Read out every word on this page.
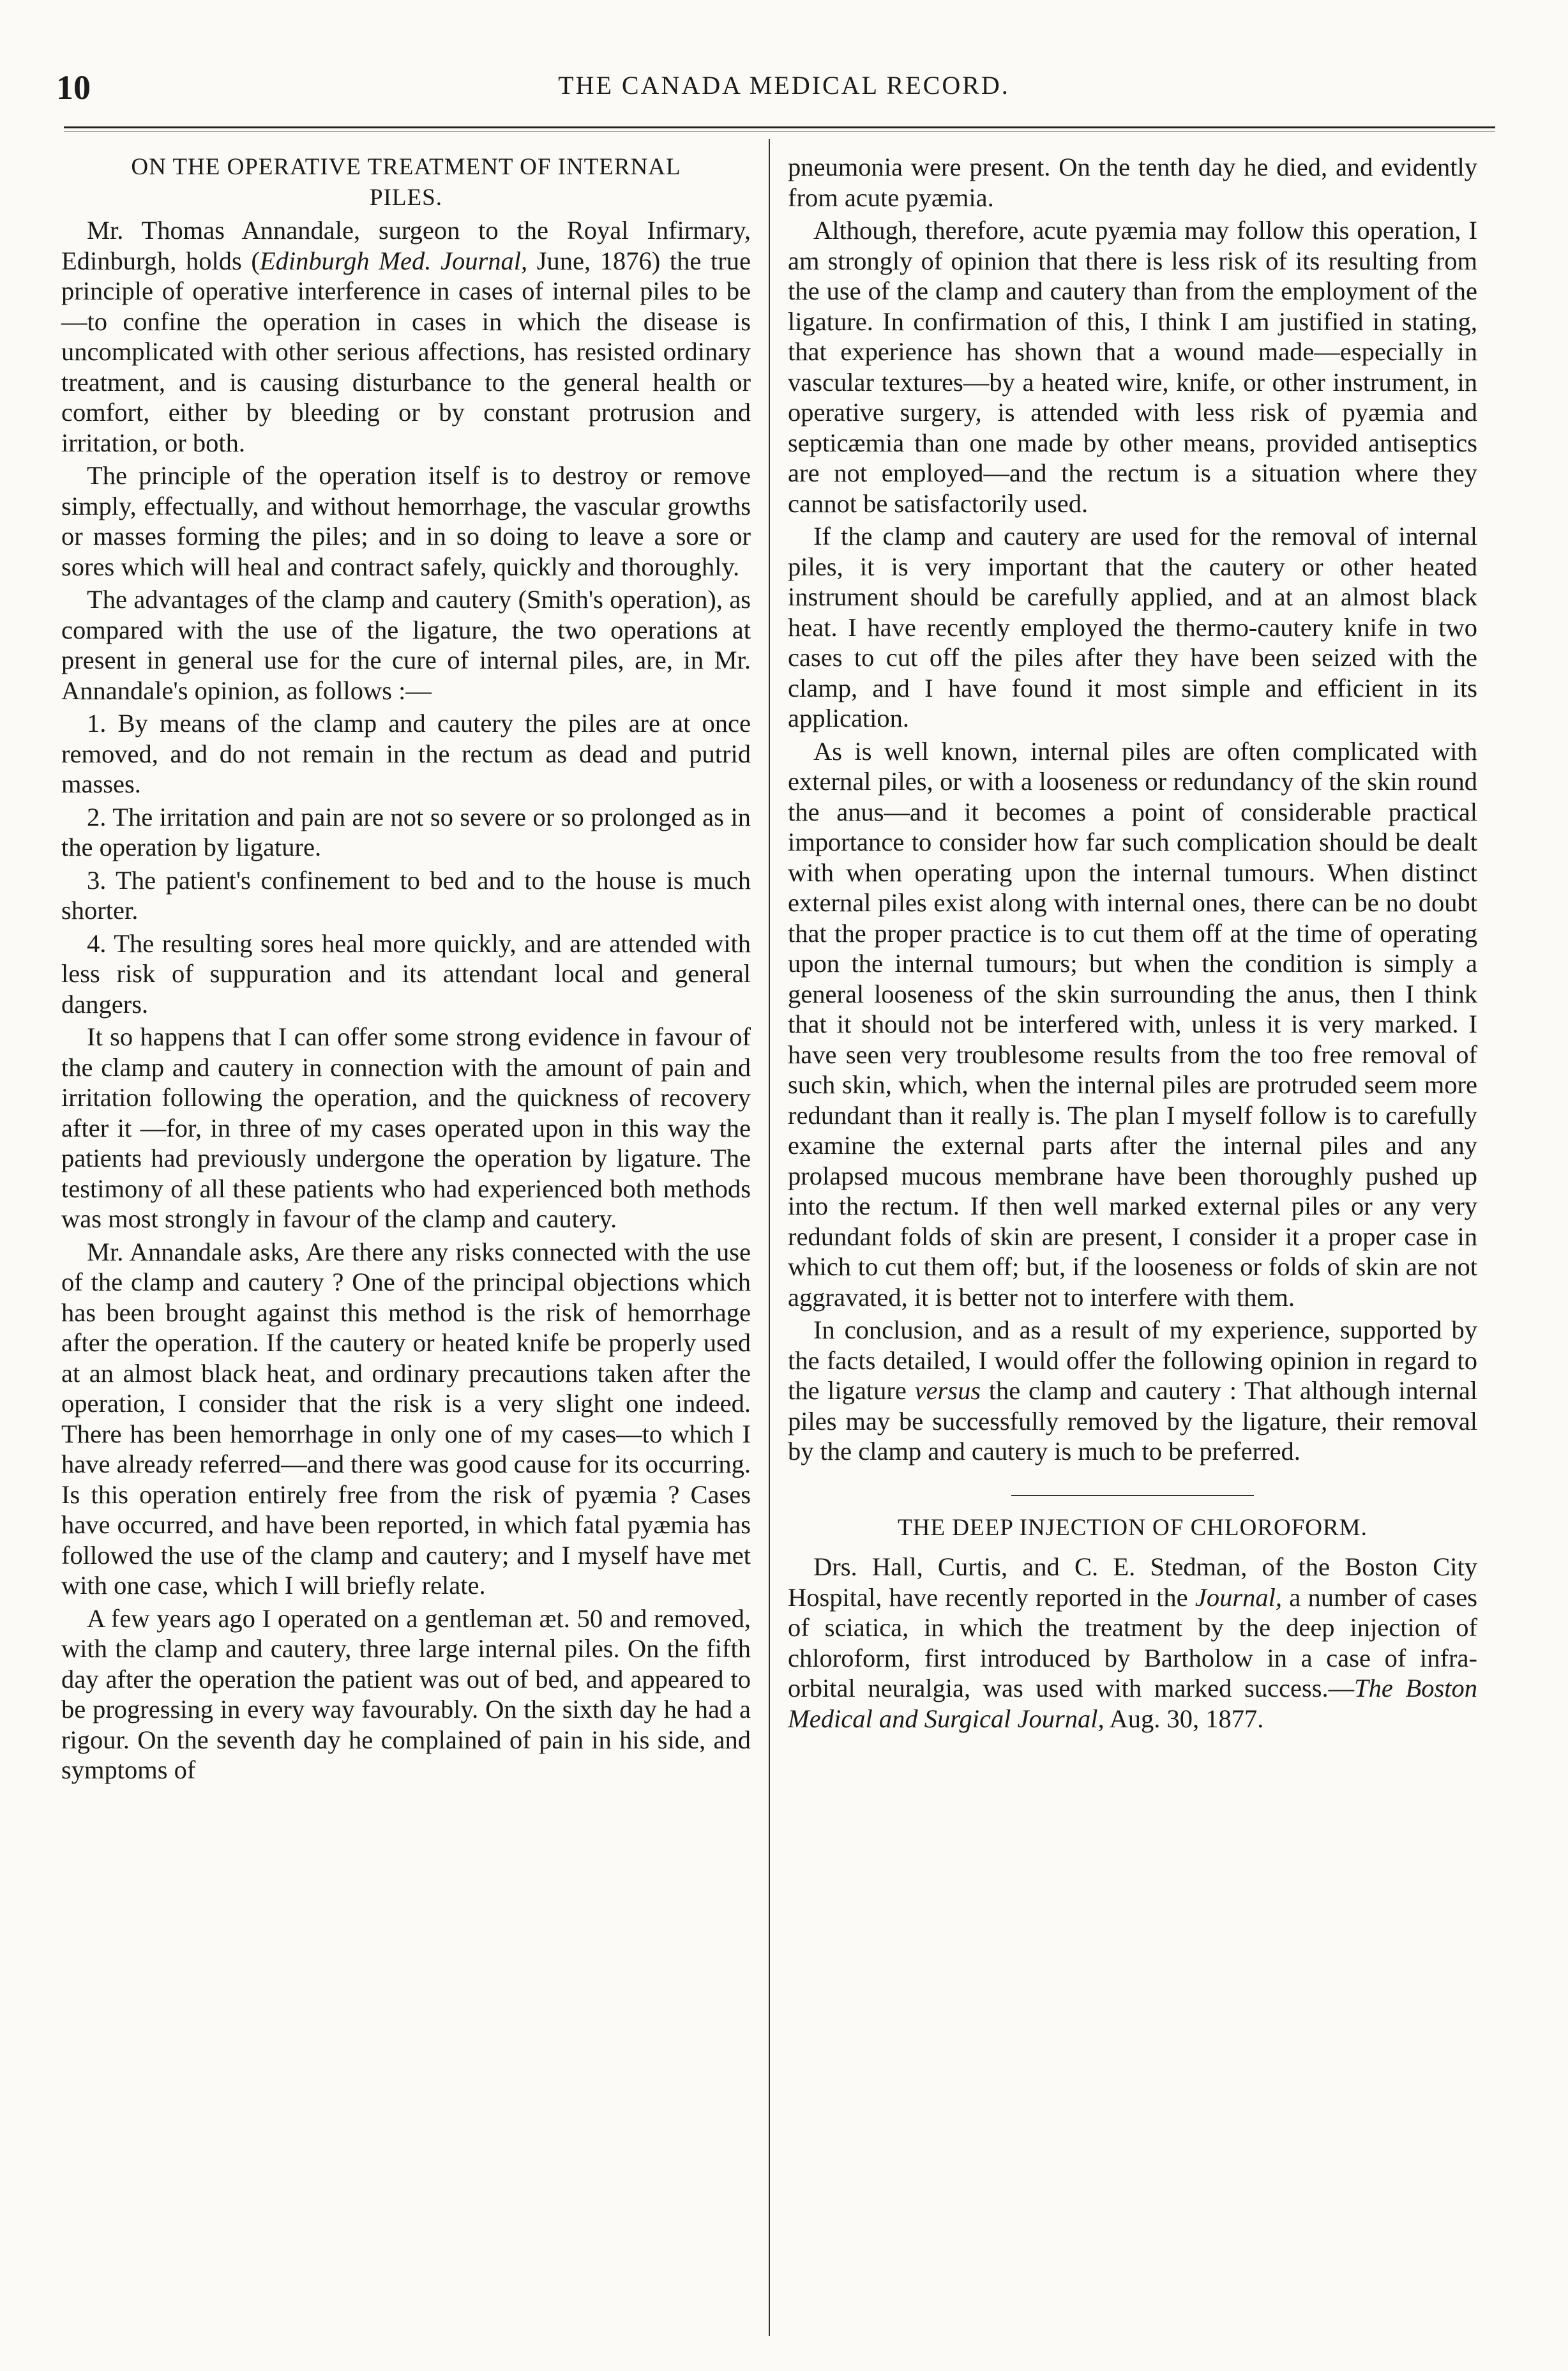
10	THE CANADA MEDICAL RECORD.

ON THE OPERATIVE TREATMENT OF INTERNAL
PILES.

Mr. Thomas Annandale, surgeon to the Royal Infirmary, Edinburgh, holds (Edinburgh Med. Journal, June, 1876) the true principle of operative interference in cases of internal piles to be—to confine the operation in cases in which the disease is uncomplicated with other serious affections, has resisted ordinary treatment, and is causing disturbance to the general health or comfort, either by bleeding or by constant protrusion and irritation, or both.

The principle of the operation itself is to destroy or remove simply, effectually, and without hemorrhage, the vascular growths or masses forming the piles; and in so doing to leave a sore or sores which will heal and contract safely, quickly and thoroughly.

The advantages of the clamp and cautery (Smith's operation), as compared with the use of the ligature, the two operations at present in general use for the cure of internal piles, are, in Mr. Annandale's opinion, as follows :—

1. By means of the clamp and cautery the piles are at once removed, and do not remain in the rectum as dead and putrid masses.

2. The irritation and pain are not so severe or so prolonged as in the operation by ligature.

3. The patient's confinement to bed and to the house is much shorter.

4. The resulting sores heal more quickly, and are attended with less risk of suppuration and its attendant local and general dangers.

It so happens that I can offer some strong evidence in favour of the clamp and cautery in connection with the amount of pain and irritation following the operation, and the quickness of recovery after it —for, in three of my cases operated upon in this way the patients had previously undergone the operation by ligature. The testimony of all these patients who had experienced both methods was most strongly in favour of the clamp and cautery.

Mr. Annandale asks, Are there any risks connected with the use of the clamp and cautery ? One of the principal objections which has been brought against this method is the risk of hemorrhage after the operation. If the cautery or heated knife be properly used at an almost black heat, and ordinary precautions taken after the operation, I consider that the risk is a very slight one indeed. There has been hemorrhage in only one of my cases—to which I have already referred—and there was good cause for its occurring. Is this operation entirely free from the risk of pyæmia ? Cases have occurred, and have been reported, in which fatal pyæmia has followed the use of the clamp and cautery; and I myself have met with one case, which I will briefly relate.

A few years ago I operated on a gentleman æt. 50 and removed, with the clamp and cautery, three large internal piles. On the fifth day after the operation the patient was out of bed, and appeared to be progressing in every way favourably. On the sixth day he had a rigour. On the seventh day he complained of pain in his side, and symptoms of

pneumonia were present. On the tenth day he died, and evidently from acute pyæmia.

Although, therefore, acute pyæmia may follow this operation, I am strongly of opinion that there is less risk of its resulting from the use of the clamp and cautery than from the employment of the ligature. In confirmation of this, I think I am justified in stating, that experience has shown that a wound made—especially in vascular textures—by a heated wire, knife, or other instrument, in operative surgery, is attended with less risk of pyæmia and septicæmia than one made by other means, provided antiseptics are not employed—and the rectum is a situation where they cannot be satisfactorily used.

If the clamp and cautery are used for the removal of internal piles, it is very important that the cautery or other heated instrument should be carefully applied, and at an almost black heat. I have recently employed the thermo-cautery knife in two cases to cut off the piles after they have been seized with the clamp, and I have found it most simple and efficient in its application.

As is well known, internal piles are often complicated with external piles, or with a looseness or redundancy of the skin round the anus—and it becomes a point of considerable practical importance to consider how far such complication should be dealt with when operating upon the internal tumours. When distinct external piles exist along with internal ones, there can be no doubt that the proper practice is to cut them off at the time of operating upon the internal tumours; but when the condition is simply a general looseness of the skin surrounding the anus, then I think that it should not be interfered with, unless it is very marked. I have seen very troublesome results from the too free removal of such skin, which, when the internal piles are protruded seem more redundant than it really is. The plan I myself follow is to carefully examine the external parts after the internal piles and any prolapsed mucous membrane have been thoroughly pushed up into the rectum. If then well marked external piles or any very redundant folds of skin are present, I consider it a proper case in which to cut them off; but, if the looseness or folds of skin are not aggravated, it is better not to interfere with them.

In conclusion, and as a result of my experience, supported by the facts detailed, I would offer the following opinion in regard to the ligature versus the clamp and cautery : That although internal piles may be successfully removed by the ligature, their removal by the clamp and cautery is much to be preferred.

THE DEEP INJECTION OF CHLOROFORM.

Drs. Hall, Curtis, and C. E. Stedman, of the Boston City Hospital, have recently reported in the Journal, a number of cases of sciatica, in which the treatment by the deep injection of chloroform, first introduced by Bartholow in a case of infra-orbital neuralgia, was used with marked success.—The Boston Medical and Surgical Journal, Aug. 30, 1877.
